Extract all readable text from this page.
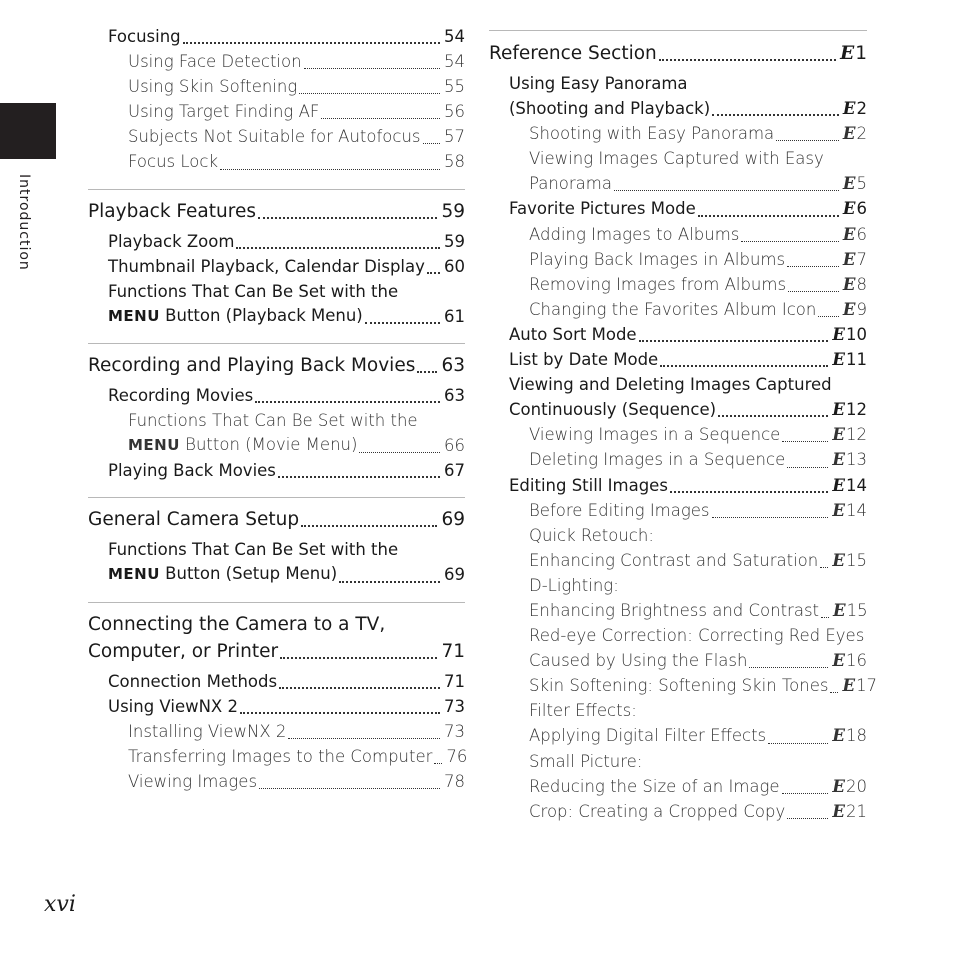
Introduction
Focusing	54
Using Face Detection	54
Using Skin Softening	55
Using Target Finding AF	56
Subjects Not Suitable for Autofocus 57
Focus Lock	58
Playback Features	59
Playback Zoom	59
Thumbnail Playback, Calendar Display 60
Functions That Can Be Set with the
MENU Button (Playback Menu)	61
Recording and Playing Back Movies 63
Recording Movies	63
Functions That Can Be Set with the
MENU Button (Movie Menu)	66
Playing Back Movies	67
General Camera Setup	69
Functions That Can Be Set with the
MENU Button (Setup Menu)	69
Connecting the Camera to a TV,
Computer, or Printer	71
Connection Methods	71
Using ViewNX 2	73
Installing ViewNX 2	73
Transferring Images to the Computer 76
Viewing Images	78
Reference Section	E1
Using Easy Panorama
(Shooting and Playback)	E2
Shooting with Easy Panorama	E2
Viewing Images Captured with Easy
Panorama	E5
Favorite Pictures Mode	E6
Adding Images to Albums	E6
Playing Back Images in Albums	E7
Removing Images from Albums	E8
Changing the Favorites Album Icon E9
Auto Sort Mode	E10
List by Date Mode	E11
Viewing and Deleting Images Captured
Continuously (Sequence)	E12
Viewing Images in a Sequence	E12
Deleting Images in a Sequence	E13
Editing Still Images	E14
Before Editing Images	E14
Quick Retouch:
Enhancing Contrast and Saturation E15
D-Lighting:
Enhancing Brightness and Contrast E15
Red-eye Correction: Correcting Red Eyes
Caused by Using the Flash	E16
Skin Softening: Softening Skin Tones E17
Filter Effects:
Applying Digital Filter Effects	E18
Small Picture:
Reducing the Size of an Image	E20
Crop: Creating a Cropped Copy	E21
xvi
